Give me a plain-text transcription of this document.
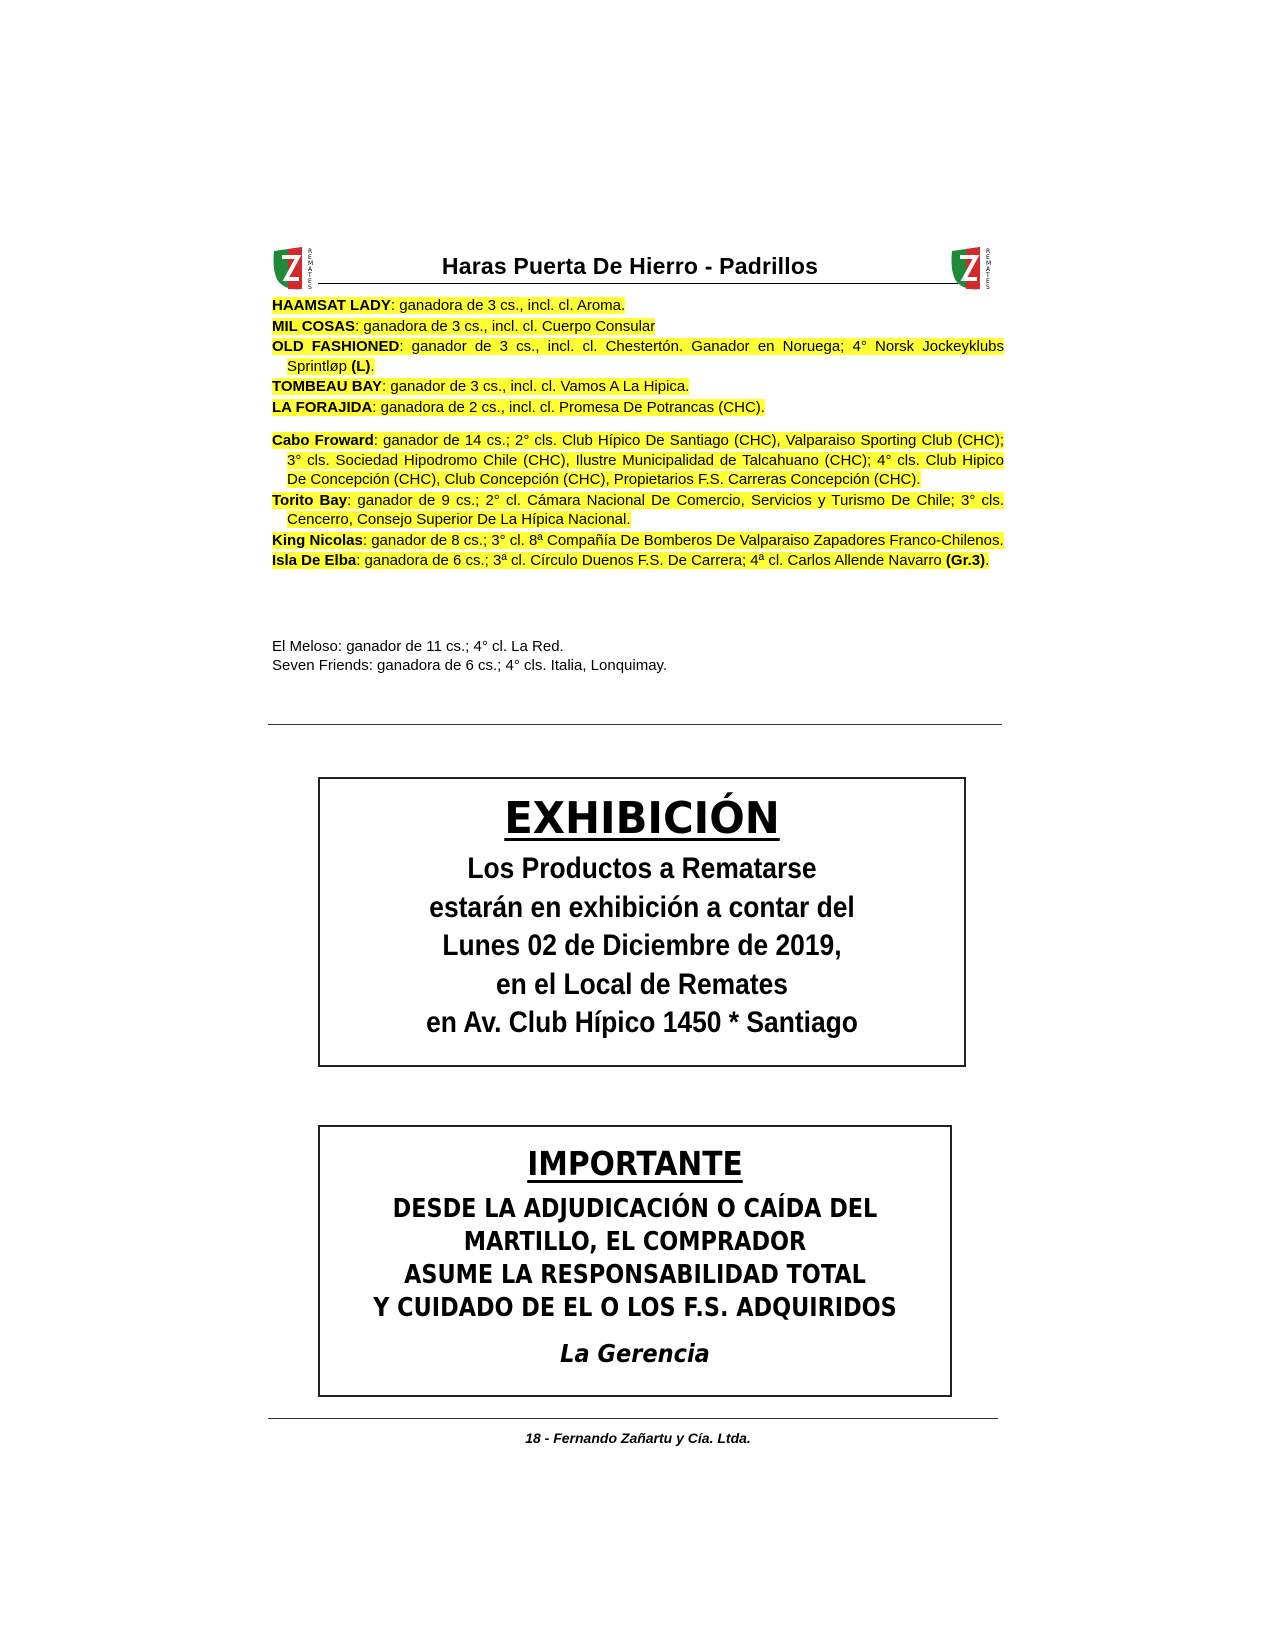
R
E
M
A
T
E
S
Haras Puerta De Hierro - Padrillos
R
E
M
A
T
E
S
HAAMSAT LADY: ganadora de 3 cs., incl. cl. Aroma.
MIL COSAS: ganadora de 3 cs., incl. cl. Cuerpo Consular
OLD FASHIONED: ganador de 3 cs., incl. cl. Chestertón. Ganador en Noruega; 4° Norsk Jockeyklubs Sprintløp (L).
TOMBEAU BAY: ganador de 3 cs., incl. cl. Vamos A La Hipica.
LA FORAJIDA: ganadora de 2 cs., incl. cl. Promesa De Potrancas (CHC).
Cabo Froward: ganador de 14 cs.; 2° cls. Club Hípico De Santiago (CHC), Valparaiso Sporting Club (CHC); 3° cls. Sociedad Hipodromo Chile (CHC), Ilustre Municipalidad de Talcahuano (CHC); 4° cls. Club Hipico De Concepción (CHC), Club Concepción (CHC), Propietarios F.S. Carreras Concepción (CHC).
Torito Bay: ganador de 9 cs.; 2° cl. Cámara Nacional De Comercio, Servicios y Turismo De Chile; 3° cls. Cencerro, Consejo Superior De La Hípica Nacional.
King Nicolas: ganador de 8 cs.; 3° cl. 8ª Compañía De Bomberos De Valparaiso Zapadores Franco-Chilenos.
Isla De Elba: ganadora de 6 cs.; 3ª cl. Círculo Duenos F.S. De Carrera; 4ª cl. Carlos Allende Navarro (Gr.3).
El Meloso: ganador de 11 cs.; 4° cl. La Red.
Seven Friends: ganadora de 6 cs.; 4° cls. Italia, Lonquimay.
EXHIBICIÓN
Los Productos a Rematarse
estarán en exhibición a contar del
Lunes 02 de Diciembre de 2019,
en el Local de Remates
en Av. Club Hípico 1450 * Santiago
IMPORTANTE
DESDE LA ADJUDICACIÓN O CAÍDA DEL
MARTILLO, EL COMPRADOR
ASUME LA RESPONSABILIDAD TOTAL
Y CUIDADO DE EL O LOS F.S. ADQUIRIDOS
La Gerencia
18 - Fernando Zañartu y Cía. Ltda.
